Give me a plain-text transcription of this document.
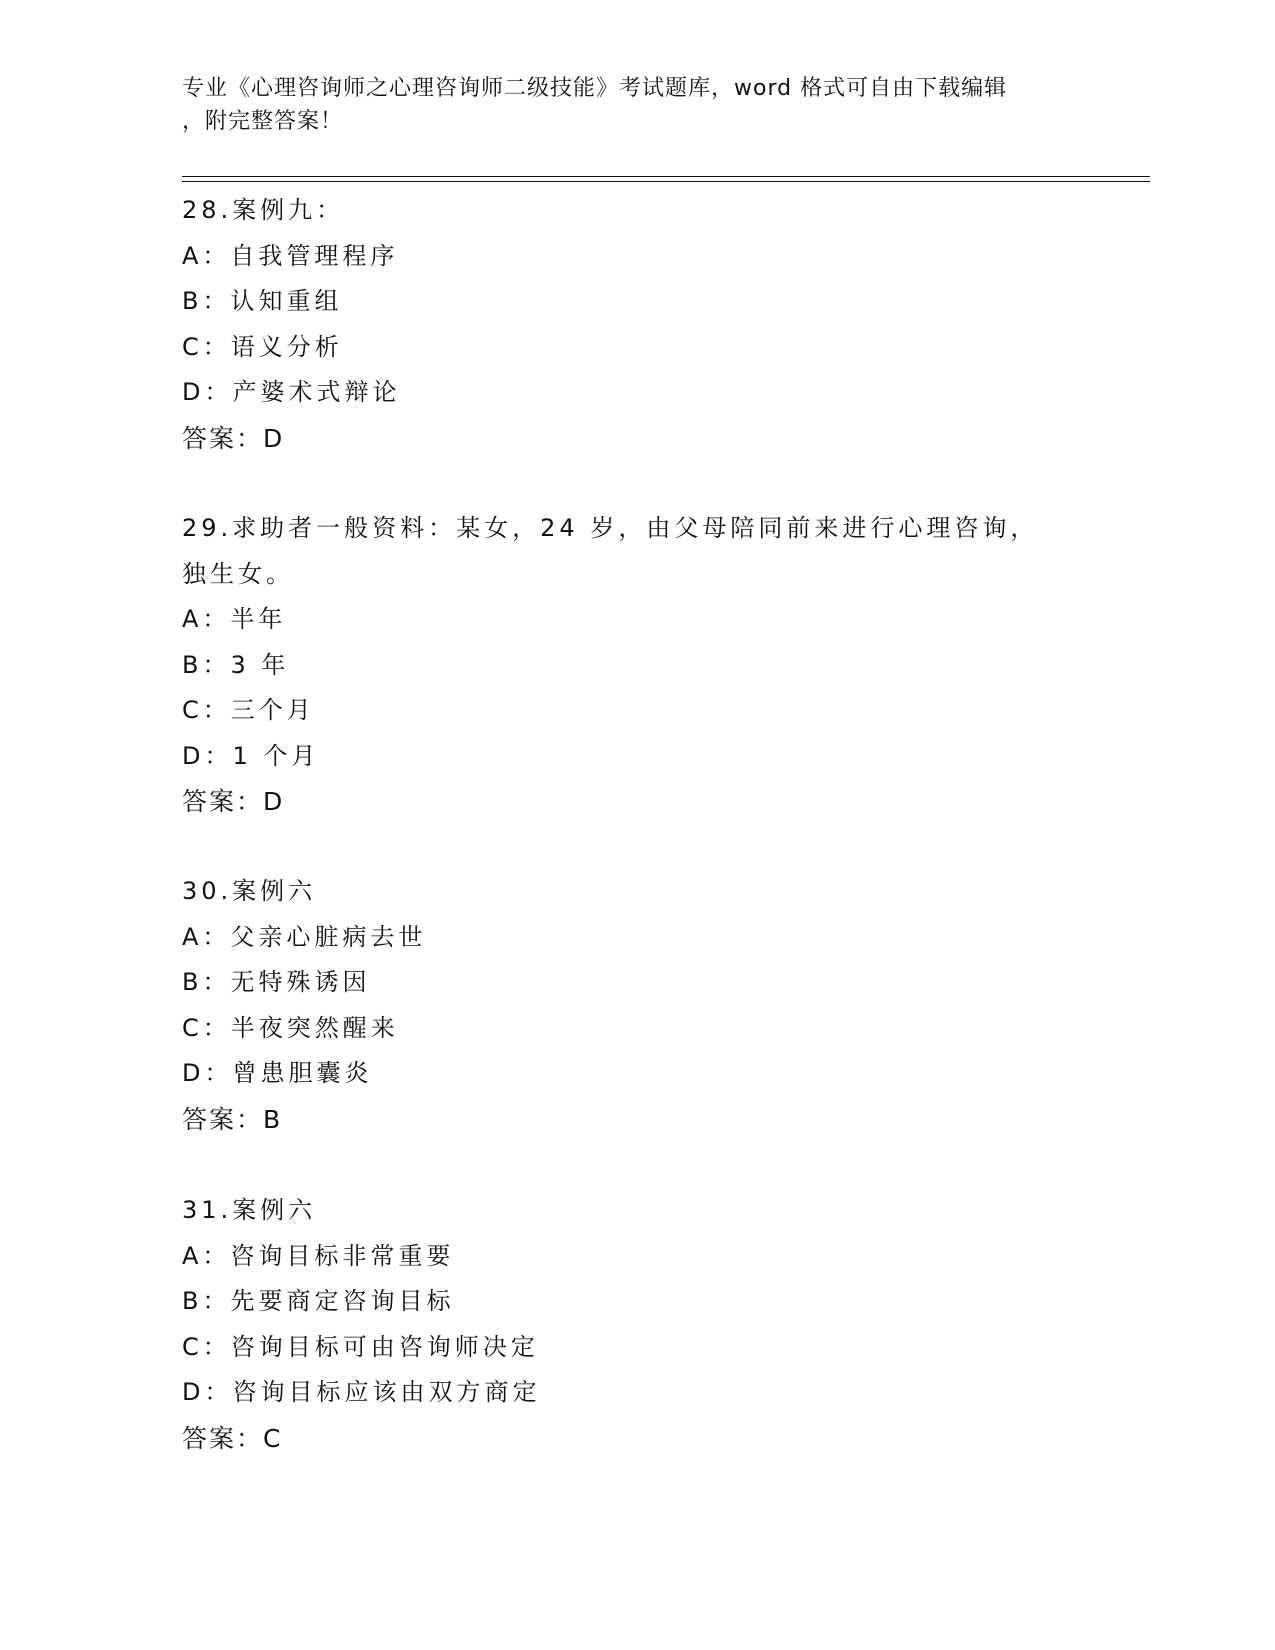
专业《心理咨询师之心理咨询师二级技能》考试题库，word 格式可自由下载编辑
，附完整答案！
28.案例九：
A：自我管理程序
B：认知重组
C：语义分析
D：产婆术式辩论
答案：D
29.求助者一般资料：某女，24 岁，由父母陪同前来进行心理咨询，独生女。
A：半年
B：3 年
C：三个月
D：1 个月
答案：D
30.案例六
A：父亲心脏病去世
B：无特殊诱因
C：半夜突然醒来
D：曾患胆囊炎
答案：B
31.案例六
A：咨询目标非常重要
B：先要商定咨询目标
C：咨询目标可由咨询师决定
D：咨询目标应该由双方商定
答案：C
